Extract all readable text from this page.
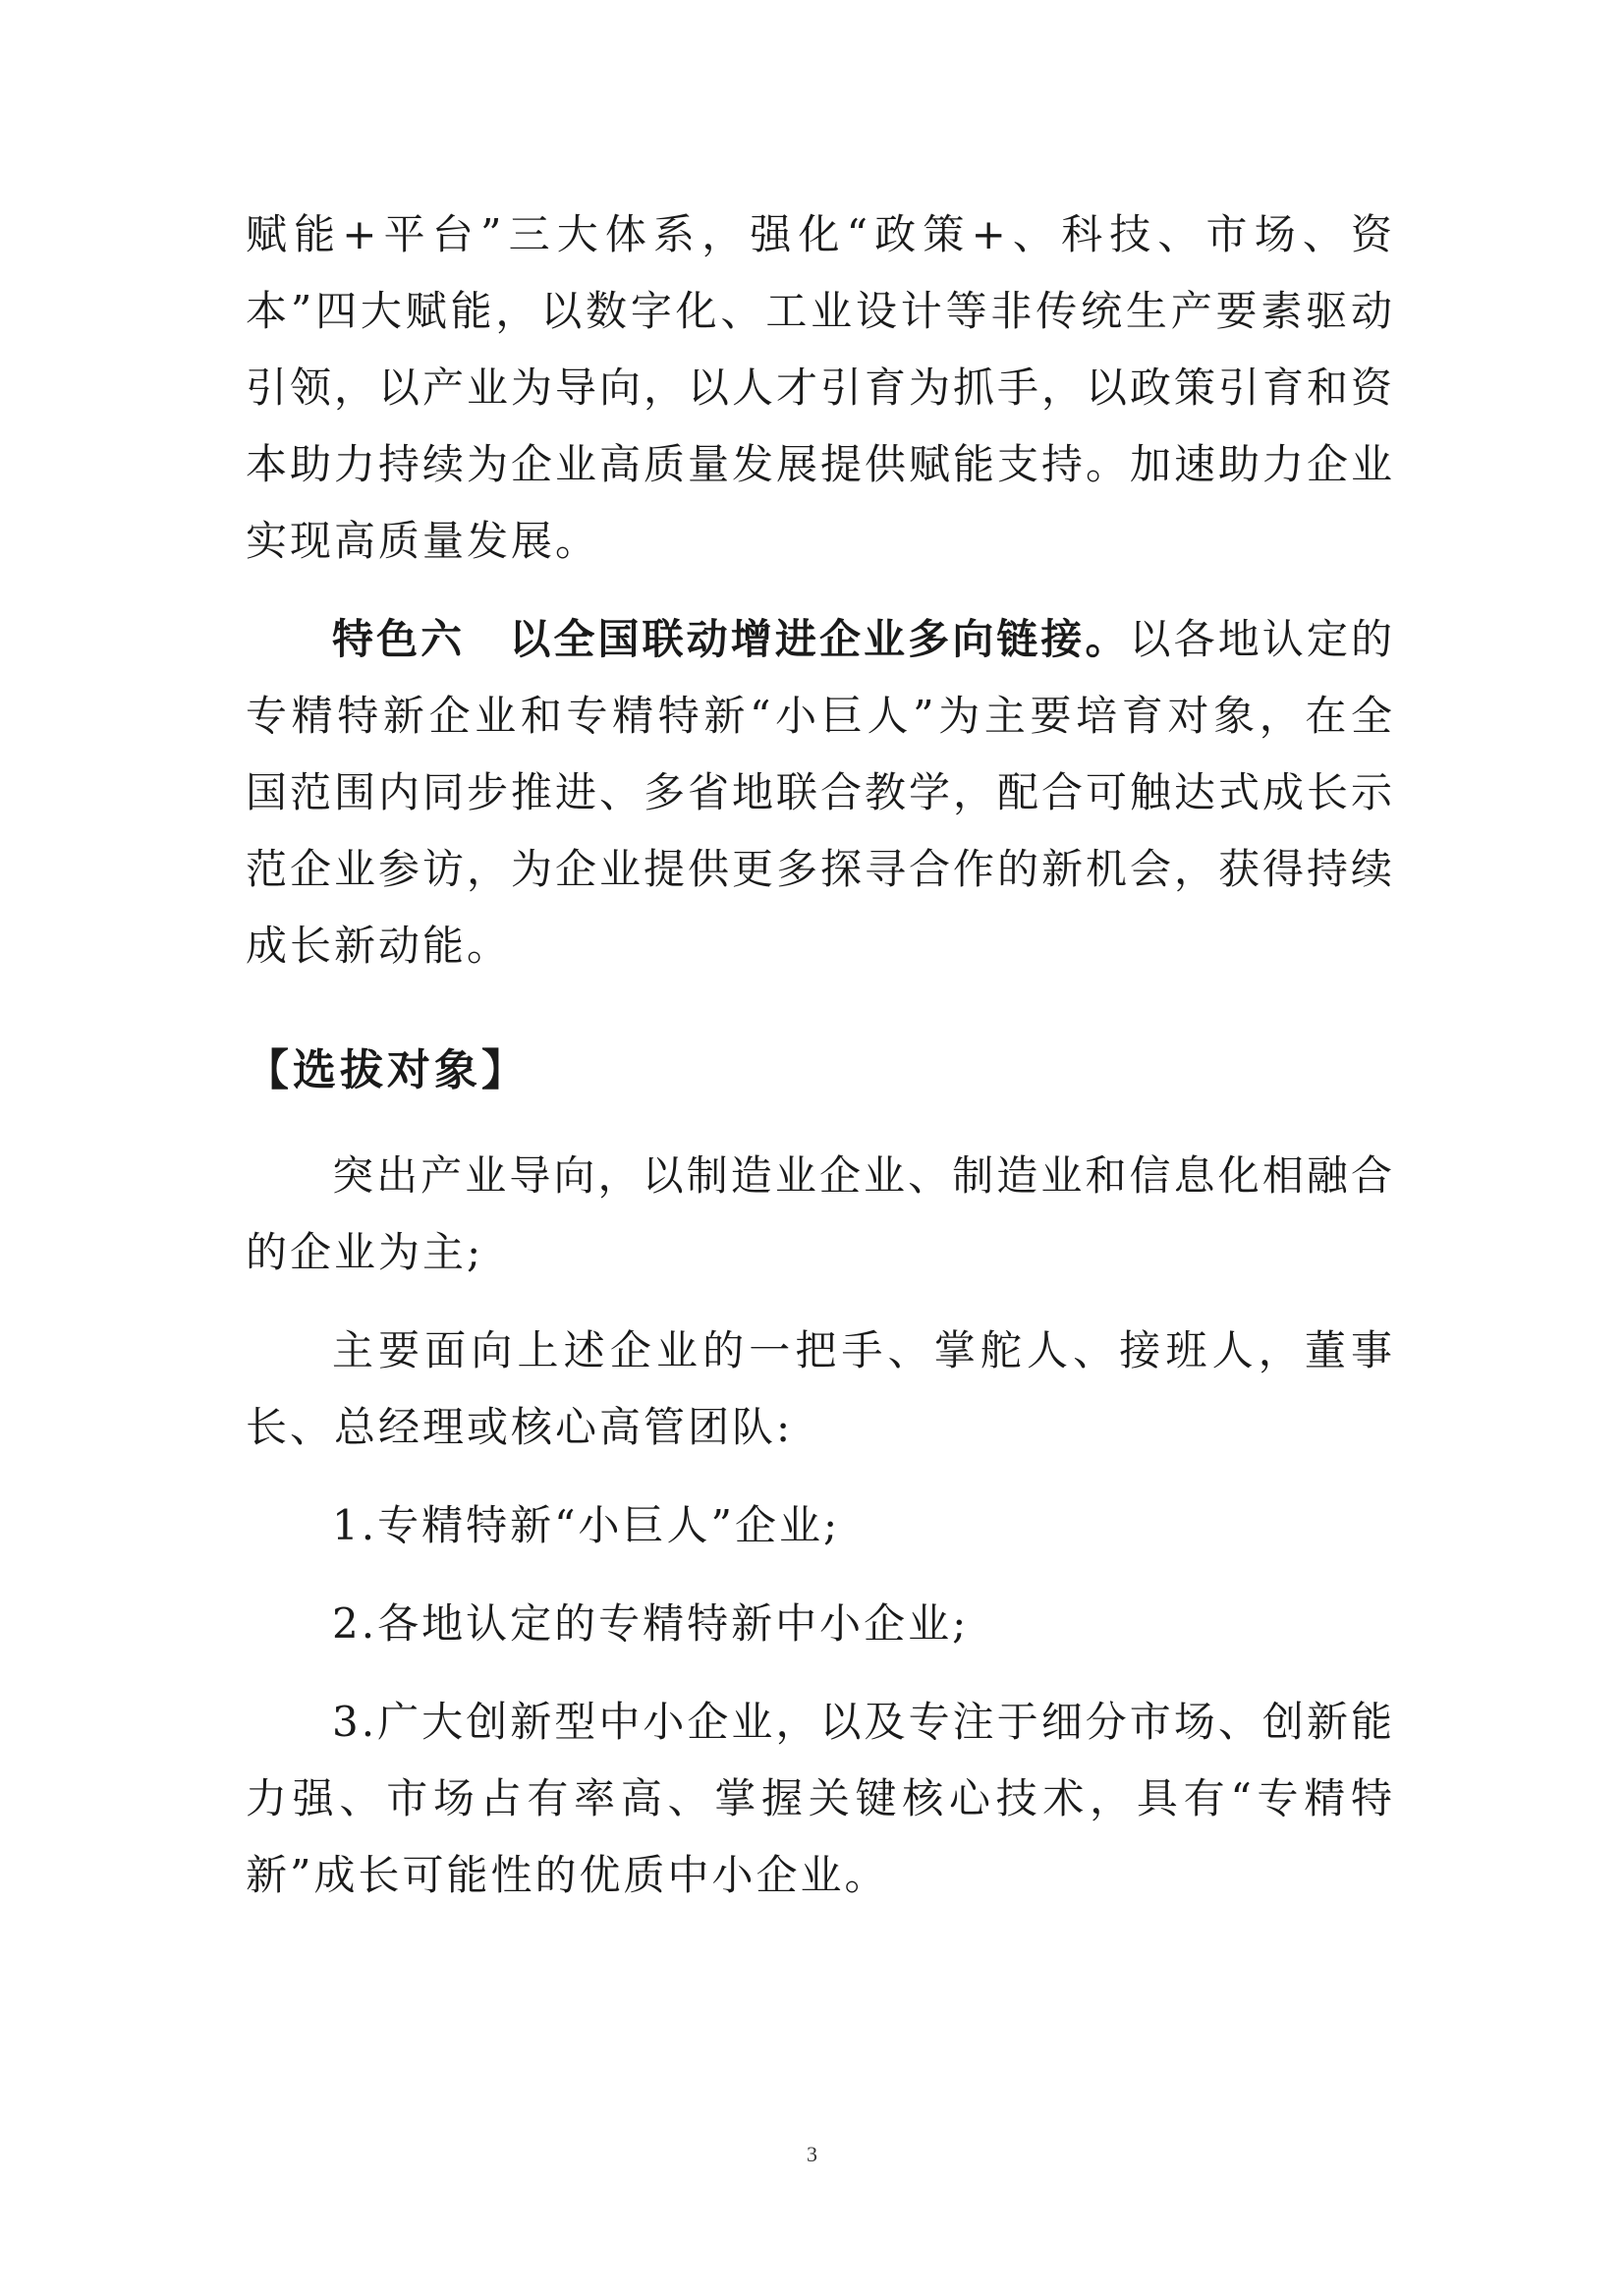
赋能+平台”三大体系，强化“政策+、科技、市场、资本”四大赋能，以数字化、工业设计等非传统生产要素驱动引领，以产业为导向，以人才引育为抓手，以政策引育和资本助力持续为企业高质量发展提供赋能支持。加速助力企业实现高质量发展。

特色六　以全国联动增进企业多向链接。以各地认定的专精特新企业和专精特新“小巨人”为主要培育对象，在全国范围内同步推进、多省地联合教学，配合可触达式成长示范企业参访，为企业提供更多探寻合作的新机会，获得持续成长新动能。

【选拔对象】

突出产业导向，以制造业企业、制造业和信息化相融合的企业为主;

主要面向上述企业的一把手、掌舵人、接班人，董事长、总经理或核心高管团队:

1.专精特新“小巨人”企业;

2.各地认定的专精特新中小企业;

3.广大创新型中小企业，以及专注于细分市场、创新能力强、市场占有率高、掌握关键核心技术，具有“专精特新”成长可能性的优质中小企业。

3
